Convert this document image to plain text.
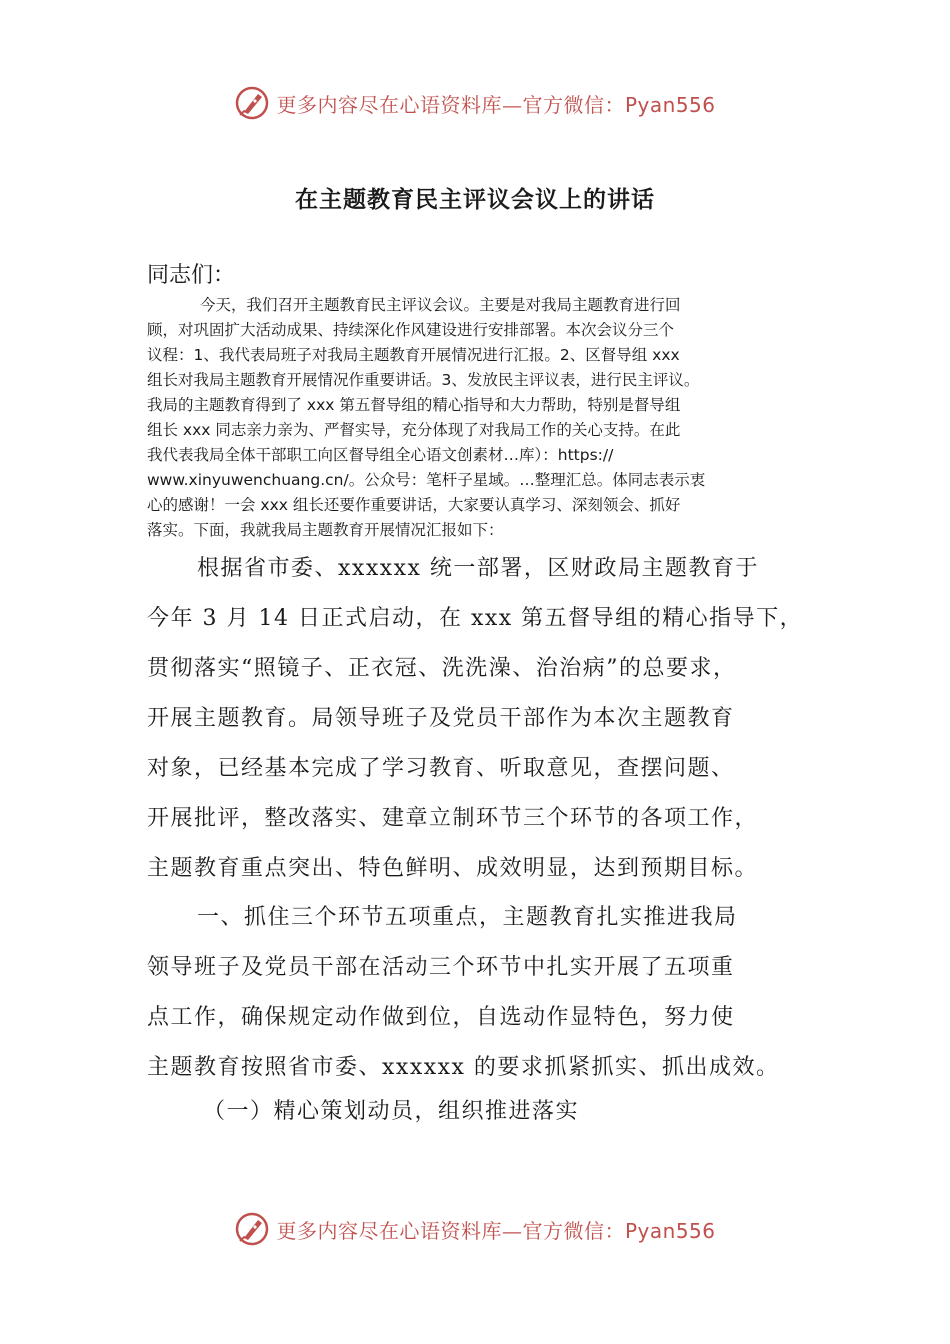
更多内容尽在心语资料库—官方微信：Pyan556
在主题教育民主评议会议上的讲话
同志们：
今天，我们召开主题教育民主评议会议。主要是对我局主题教育进行回
顾，对巩固扩大活动成果、持续深化作风建设进行安排部署。本次会议分三个
议程：1、我代表局班子对我局主题教育开展情况进行汇报。2、区督导组 xxx
组长对我局主题教育开展情况作重要讲话。3、发放民主评议表，进行民主评议。
我局的主题教育得到了 xxx 第五督导组的精心指导和大力帮助，特别是督导组
组长 xxx 同志亲力亲为、严督实导，充分体现了对我局工作的关心支持。在此
我代表我局全体干部职工向区督导组全心语文创素材…库）：https://
www.xinyuwenchuang.cn/。公众号：笔杆子星域。…整理汇总。体同志表示衷
心的感谢！一会 xxx 组长还要作重要讲话，大家要认真学习、深刻领会、抓好
落实。下面，我就我局主题教育开展情况汇报如下：
根据省市委、xxxxxx 统一部署，区财政局主题教育于
今年 3 月 14 日正式启动，在 xxx 第五督导组的精心指导下，
贯彻落实“照镜子、正衣冠、洗洗澡、治治病”的总要求，
开展主题教育。局领导班子及党员干部作为本次主题教育
对象，已经基本完成了学习教育、听取意见，查摆问题、
开展批评，整改落实、建章立制环节三个环节的各项工作，
主题教育重点突出、特色鲜明、成效明显，达到预期目标。
一、抓住三个环节五项重点，主题教育扎实推进我局
领导班子及党员干部在活动三个环节中扎实开展了五项重
点工作，确保规定动作做到位，自选动作显特色，努力使
主题教育按照省市委、xxxxxx 的要求抓紧抓实、抓出成效。
（一）精心策划动员，组织推进落实
更多内容尽在心语资料库—官方微信：Pyan556
